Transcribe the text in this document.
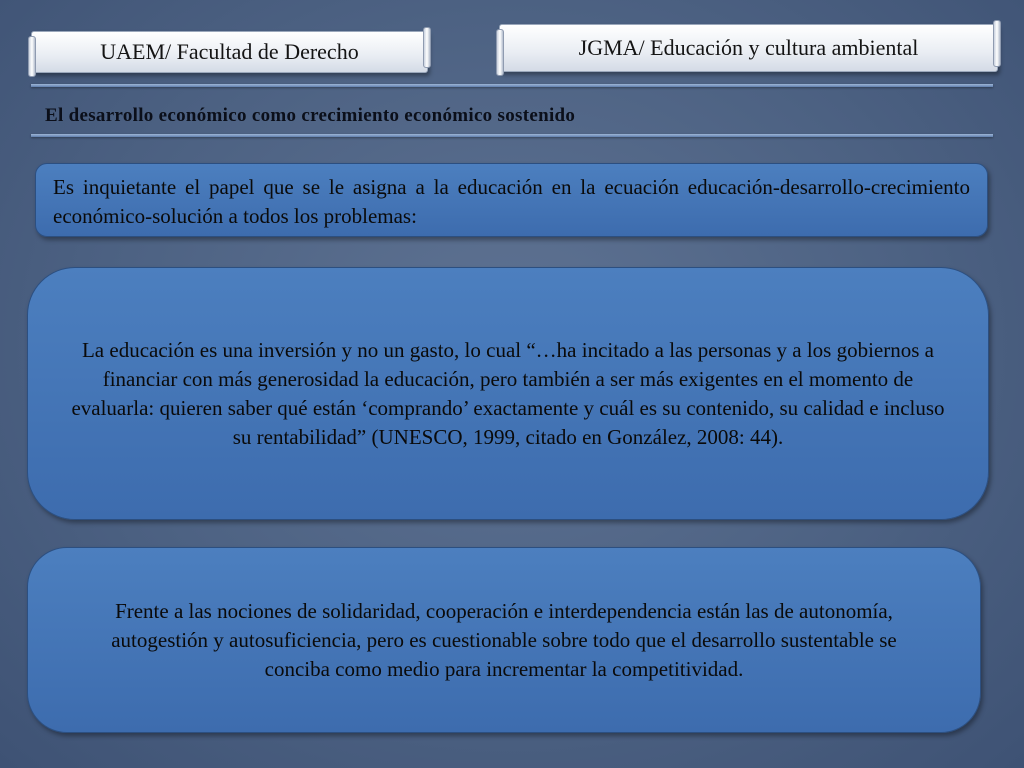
UAEM/ Facultad de Derecho	JGMA/ Educación y cultura ambiental
El desarrollo económico como crecimiento económico sostenido
Es inquietante el papel que se le asigna a la educación en la ecuación educación-desarrollo-crecimiento económico-solución a todos los problemas:
La educación es una inversión y no un gasto, lo cual “…ha incitado a las personas y a los gobiernos a financiar con más generosidad la educación, pero también a ser más exigentes en el momento de evaluarla: quieren saber qué están ‘comprando’ exactamente y cuál es su contenido, su calidad e incluso su rentabilidad” (UNESCO, 1999, citado en González, 2008: 44).
Frente a las nociones de solidaridad, cooperación e interdependencia están las de autonomía, autogestión y autosuficiencia, pero es cuestionable sobre todo que el desarrollo sustentable se conciba como medio para incrementar la competitividad.
